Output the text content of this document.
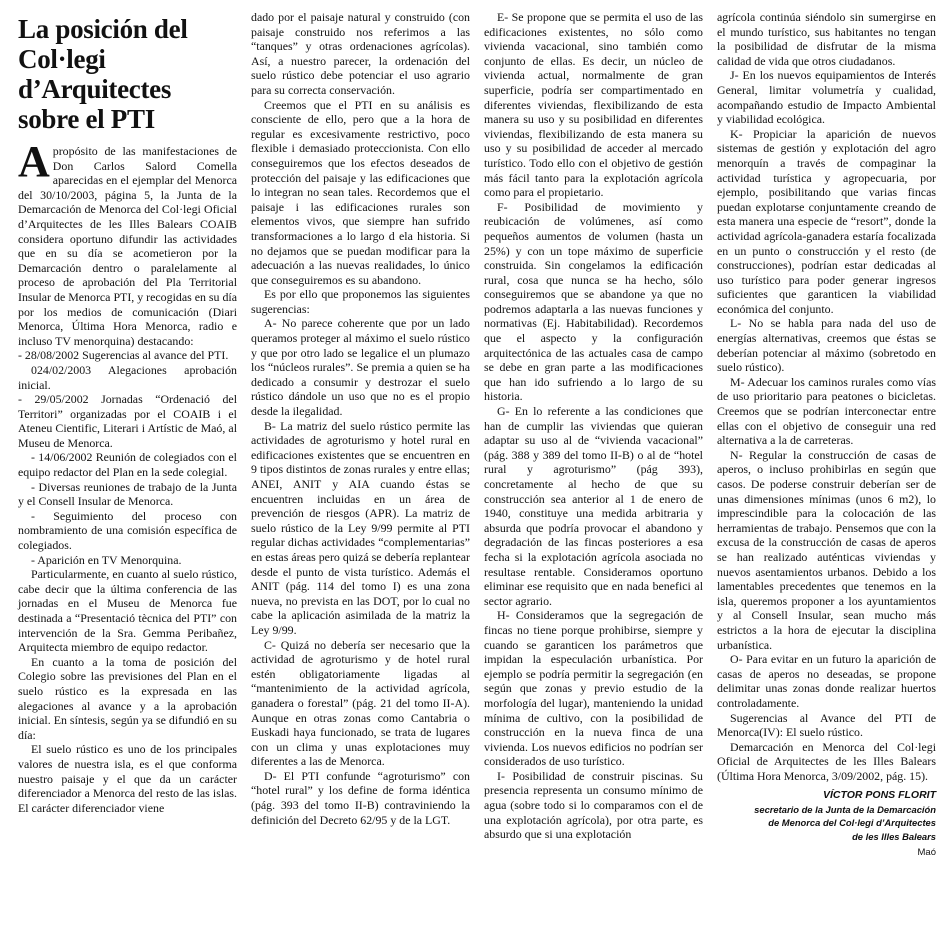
La posición del
Col·legi
d’Arquitectes
sobre el PTI

Apropósito de las manifestaciones de Don Carlos Salord Comella aparecidas en el ejemplar del Menorca del 30/10/2003, página 5, la Junta de la Demarcación de Menorca del Col·legi Oficial d’Arquitectes de les Illes Balears COAIB considera oportuno difundir las actividades que en su día se acometieron por la Demarcación dentro o paralelamente al proceso de aprobación del Pla Territorial Insular de Menorca PTI, y recogidas en su día por los medios de comunicación (Diari Menorca, Última Hora Menorca, radio e incluso TV menorquina) destacando:

- 28/08/2002 Sugerencias al avance del PTI.

024/02/2003 Alegaciones aprobación inicial.

- 29/05/2002 Jornadas “Ordenació del Territori” organizadas por el COAIB i el Ateneu Cientific, Literari i Artístic de Maó, al Museu de Menorca.

- 14/06/2002 Reunión de colegiados con el equipo redactor del Plan en la sede colegial.

- Diversas reuniones de trabajo de la Junta y el Consell Insular de Menorca.

- Seguimiento del proceso con nombramiento de una comisión específica de colegiados.

- Aparición en TV Menorquina.

Particularmente, en cuanto al suelo rústico, cabe decir que la última conferencia de las jornadas en el Museu de Menorca fue destinada a “Presentació tècnica del PTI” con intervención de la Sra. Gemma Peribañez, Arquitecta miembro de equipo redactor.

En cuanto a la toma de posición del Colegio sobre las previsiones del Plan en el suelo rústico es la expresada en las alegaciones al avance y a la aprobación inicial. En síntesis, según ya se difundió en su día:

El suelo rústico es uno de los principales valores de nuestra isla, es el que conforma nuestro paisaje y el que da un carácter diferenciador a Menorca del resto de las islas. El carácter diferenciador viene

dado por el paisaje natural y construido (con paisaje construido nos referimos a las “tanques” y otras ordenaciones agrícolas). Así, a nuestro parecer, la ordenación del suelo rústico debe potenciar el uso agrario para su correcta conservación.

Creemos que el PTI en su análisis es consciente de ello, pero que a la hora de regular es excesivamente restrictivo, poco flexible i demasiado proteccionista. Con ello conseguiremos que los efectos deseados de protección del paisaje y las edificaciones que lo integran no sean tales. Recordemos que el paisaje i las edificaciones rurales son elementos vivos, que siempre han sufrido transformaciones a lo largo d ela historia. Si no dejamos que se puedan modificar para la adecuación a las nuevas realidades, lo único que conseguiremos es su abandono.

Es por ello que proponemos las siguientes sugerencias:

A- No parece coherente que por un lado queramos proteger al máximo el suelo rústico y que por otro lado se legalice el un plumazo los “núcleos rurales”. Se premia a quien se ha dedicado a consumir y destrozar el suelo rústico dándole un uso que no es el propio desde la ilegalidad.

B- La matriz del suelo rústico permite las actividades de agroturismo y hotel rural en edificaciones existentes que se encuentren en 9 tipos distintos de zonas rurales y entre ellas; ANEI, ANIT y AIA cuando éstas se encuentren incluidas en un área de prevención de riesgos (APR). La matriz de suelo rústico de la Ley 9/99 permite al PTI regular dichas actividades “complementarias” en estas áreas pero quizá se debería replantear desde el punto de vista turístico. Además el ANIT (pág. 114 del tomo I) es una zona nueva, no prevista en las DOT, por lo cual no cabe la aplicación asimilada de la matriz la Ley 9/99.

C- Quizá no debería ser necesario que la actividad de agroturismo y de hotel rural estén obligatoriamente ligadas al “mantenimiento de la actividad agrícola, ganadera o forestal” (pág. 21 del tomo II-A). Aunque en otras zonas como Cantabria o Euskadi haya funcionado, se trata de lugares con un clima y unas explotaciones muy diferentes a las de Menorca.

D- El PTI confunde “agroturismo” con “hotel rural” y los define de forma idéntica (pág. 393 del tomo II-B) contraviniendo la definición del Decreto 62/95 y de la LGT.

E- Se propone que se permita el uso de las edificaciones existentes, no sólo como vivienda vacacional, sino también como conjunto de ellas. Es decir, un núcleo de vivienda actual, normalmente de gran superficie, podría ser compartimentado en diferentes viviendas, flexibilizando de esta manera su uso y su posibilidad en diferentes viviendas, flexibilizando de esta manera su uso y su posibilidad de acceder al mercado turístico. Todo ello con el objetivo de gestión más fácil tanto para la explotación agrícola como para el propietario.

F- Posibilidad de movimiento y reubicación de volúmenes, así como pequeños aumentos de volumen (hasta un 25%) y con un tope máximo de superficie construida. Sin congelamos la edificación rural, cosa que nunca se ha hecho, sólo conseguiremos que se abandone ya que no podremos adaptarla a las nuevas funciones y normativas (Ej. Habitabilidad). Recordemos que el aspecto y la configuración arquitectónica de las actuales casa de campo se debe en gran parte a las modificaciones que han ido sufriendo a lo largo de su historia.

G- En lo referente a las condiciones que han de cumplir las viviendas que quieran adaptar su uso al de “vivienda vacacional” (pág. 388 y 389 del tomo II-B) o al de “hotel rural y agroturismo” (pág 393), concretamente al hecho de que su construcción sea anterior al 1 de enero de 1940, constituye una medida arbitraria y absurda que podría provocar el abandono y degradación de las fincas posteriores a esa fecha si la explotación agrícola asociada no resultase rentable. Consideramos oportuno eliminar ese requisito que en nada benefici al sector agrario.

H- Consideramos que la segregación de fincas no tiene porque prohibirse, siempre y cuando se garanticen los parámetros que impidan la especulación urbanística. Por ejemplo se podría permitir la segregación (en según que zonas y previo estudio de la morfología del lugar), manteniendo la unidad mínima de cultivo, con la posibilidad de construcción en la nueva finca de una vivienda. Los nuevos edificios no podrían ser considerados de uso turístico.

I- Posibilidad de construir piscinas. Su presencia representa un consumo mínimo de agua (sobre todo si lo comparamos con el de una explotación agrícola), por otra parte, es absurdo que si una explotación

agrícola continúa siéndolo sin sumergirse en el mundo turístico, sus habitantes no tengan la posibilidad de disfrutar de la misma calidad de vida que otros ciudadanos.

J- En los nuevos equipamientos de Interés General, limitar volumetría y cualidad, acompañando estudio de Impacto Ambiental y viabilidad ecológica.

K- Propiciar la aparición de nuevos sistemas de gestión y explotación del agro menorquín a través de compaginar la actividad turística y agropecuaria, por ejemplo, posibilitando que varias fincas puedan explotarse conjuntamente creando de esta manera una especie de “resort”, donde la actividad agrícola-ganadera estaría focalizada en un punto o construcción y el resto (de construcciones), podrían estar dedicadas al uso turístico para poder generar ingresos suficientes que garanticen la viabilidad económica del conjunto.

L- No se habla para nada del uso de energías alternativas, creemos que éstas se deberían potenciar al máximo (sobretodo en suelo rústico).

M- Adecuar los caminos rurales como vías de uso prioritario para peatones o bicicletas. Creemos que se podrían interconectar entre ellas con el objetivo de conseguir una red alternativa a la de carreteras.

N- Regular la construcción de casas de aperos, o incluso prohibirlas en según que casos. De poderse construir deberían ser de unas dimensiones mínimas (unos 6 m2), lo imprescindible para la colocación de las herramientas de trabajo. Pensemos que con la excusa de la construcción de casas de aperos se han realizado auténticas viviendas y nuevos asentamientos urbanos. Debido a los lamentables precedentes que tenemos en la isla, queremos proponer a los ayuntamientos y al Consell Insular, sean mucho más estrictos a la hora de ejecutar la disciplina urbanística.

O- Para evitar en un futuro la aparición de casas de aperos no deseadas, se propone delimitar unas zonas donde realizar huertos controladamente.

Sugerencias al Avance del PTI de Menorca(IV): El suelo rústico.

Demarcación en Menorca del Col·legi Oficial de Arquitectes de les Illes Balears (Última Hora Menorca, 3/09/2002, pág. 15).

VÍCTOR PONS FLORIT
secretario de la Junta de la Demarcación
de Menorca del Col·legi d’Arquitectes
de les Illes Balears
Maó
